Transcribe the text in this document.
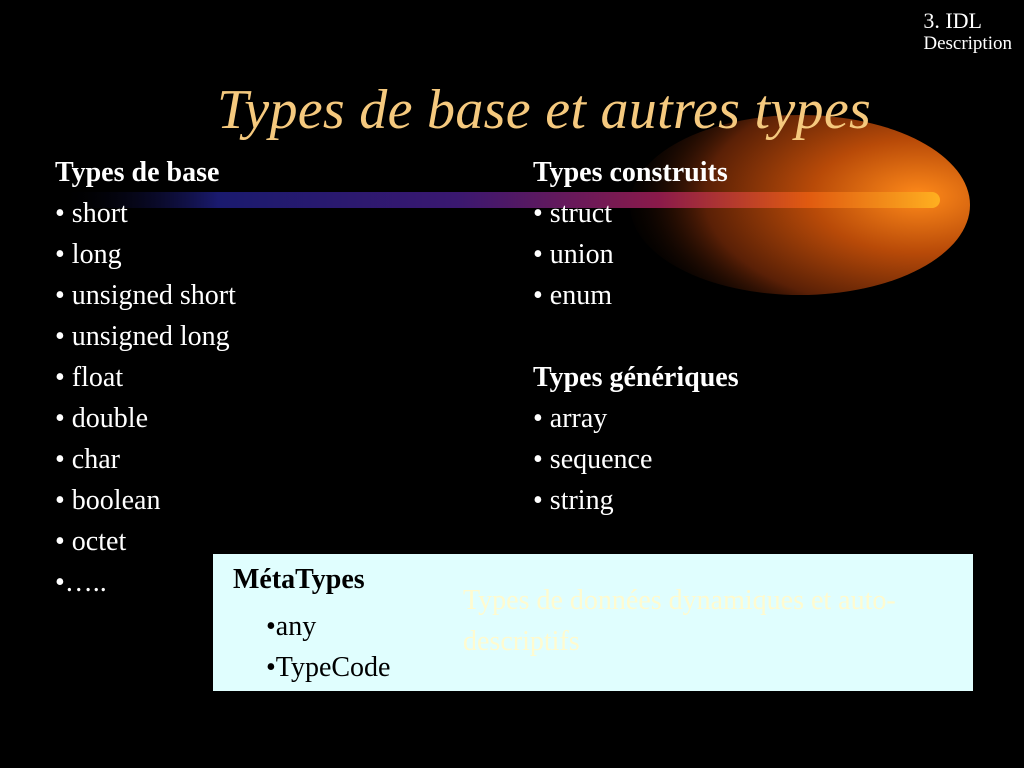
3. IDL
Description
Types de base et autres types
Types de base
• short
• long
• unsigned short
• unsigned long
• float
• double
• char
• boolean
• octet
•…..
Types construits
• struct
• union
• enum
Types génériques
• array
• sequence
• string
MétaTypes
•any
•TypeCode
Types de données dynamiques et auto-descriptifs
